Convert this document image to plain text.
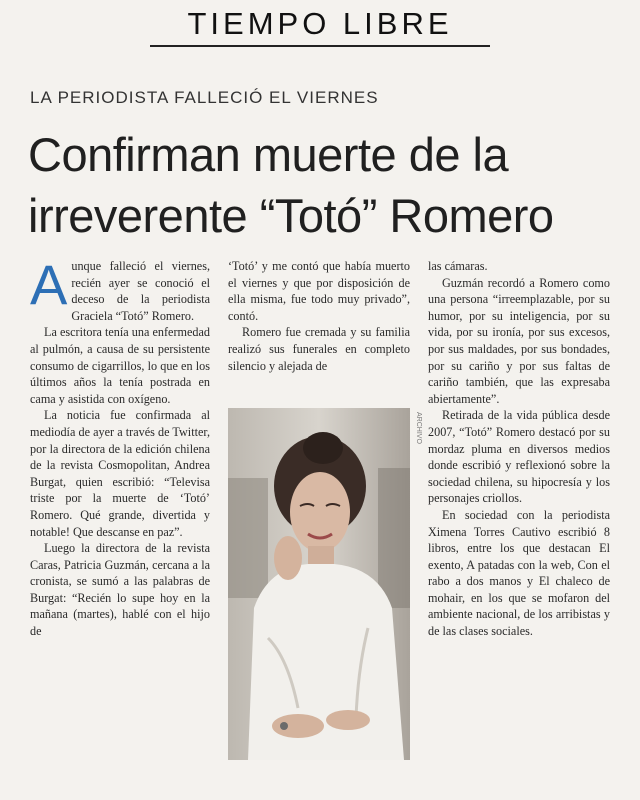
TIEMPO LIBRE
LA PERIODISTA FALLECIÓ EL VIERNES
Confirman muerte de la irreverente “Totó” Romero

Aunque falleció el viernes, recién ayer se conoció el deceso de la periodista Graciela “Totó” Romero.

La escritora tenía una enfermedad al pulmón, a causa de su persistente consumo de cigarrillos, lo que en los últimos años la tenía postrada en cama y asistida con oxígeno.

La noticia fue confirmada al mediodía de ayer a través de Twitter, por la directora de la edición chilena de la revista Cosmopolitan, Andrea Burgat, quien escribió: “Televisa triste por la muerte de ‘Totó’ Romero. Qué grande, divertida y notable! Que descanse en paz”.

Luego la directora de la revista Caras, Patricia Guzmán, cercana a la cronista, se sumó a las palabras de Burgat: “Recién lo supe hoy en la mañana (martes), hablé con el hijo de

‘Totó’ y me contó que había muerto el viernes y que por disposición de ella misma, fue todo muy privado”, contó.

Romero fue cremada y su familia realizó sus funerales en completo silencio y alejada de

ARCHIVO

las cámaras.

Guzmán recordó a Romero como una persona “irreemplazable, por su humor, por su inteligencia, por su vida, por su ironía, por sus excesos, por sus maldades, por sus bondades, por su cariño y por sus faltas de cariño también, que las expresaba abiertamente”.

Retirada de la vida pública desde 2007, “Totó” Romero destacó por su mordaz pluma en diversos medios donde escribió y reflexionó sobre la sociedad chilena, su hipocresía y los personajes criollos.

En sociedad con la periodista Ximena Torres Cautivo escribió 8 libros, entre los que destacan El exento, A patadas con la web, Con el rabo a dos manos y El chaleco de mohair, en los que se mofaron del ambiente nacional, de los arribistas y de las clases sociales.
